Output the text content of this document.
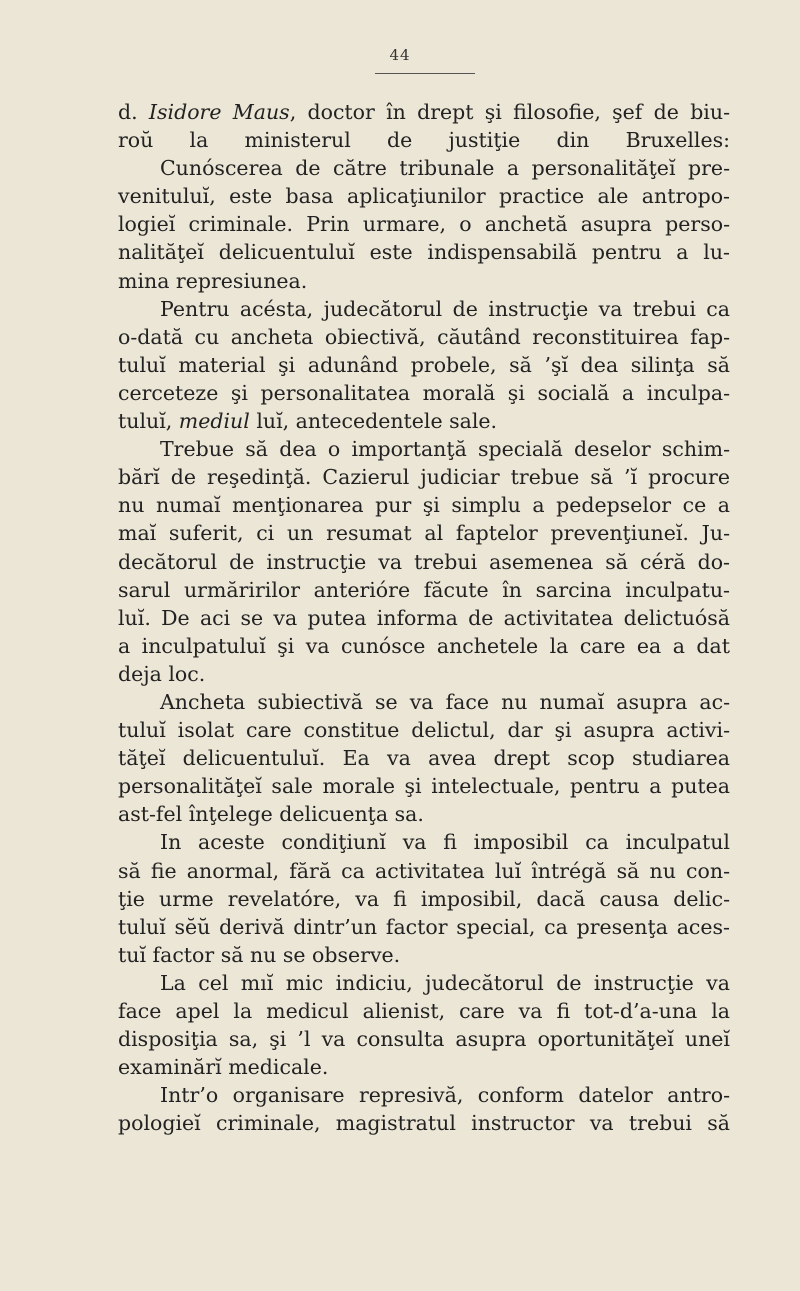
44
d. Isidore Maus, doctor în drept şi filosofie, şef de biu-
roŭ la ministerul de justiţie din Bruxelles:
Cunóscerea de către tribunale a personalităţeĭ pre-
venituluĭ, este basa aplicaţiunilor practice ale antropo-
logieĭ criminale. Prin urmare, o anchetă asupra perso-
nalităţeĭ delicuentuluĭ este indispensabilă pentru a lu-
mina represiunea.
Pentru acésta, judecătorul de instrucţie va trebui ca
o-dată cu ancheta obiectivă, căutând reconstituirea fap-
tuluĭ material şi adunând probele, să ’şĭ dea silinţa să
cerceteze şi personalitatea morală şi socială a inculpa-
tuluĭ, mediul luĭ, antecedentele sale.
Trebue să dea o importanţă specială deselor schim-
bărĭ de reşedinţă. Cazierul judiciar trebue să ’ĭ procure
nu numaĭ menţionarea pur şi simplu a pedepselor ce a
maĭ suferit, ci un resumat al faptelor prevenţiuneĭ. Ju-
decătorul de instrucţie va trebui asemenea să céră do-
sarul urmăririlor anterióre făcute în sarcina inculpatu-
luĭ. De aci se va putea informa de activitatea delictuósă
a inculpatuluĭ şi va cunósce anchetele la care ea a dat
deja loc.
Ancheta subiectivă se va face nu numaĭ asupra ac-
tuluĭ isolat care constitue delictul, dar şi asupra activi-
tăţeĭ delicuentuluĭ. Ea va avea drept scop studiarea
personalităţeĭ sale morale şi intelectuale, pentru a putea
ast-fel înţelege delicuenţa sa.
In aceste condiţiunĭ va fi imposibil ca inculpatul
să fie anormal, fără ca activitatea luĭ întrégă să nu con-
ţie urme revelatóre, va fi imposibil, dacă causa delic-
tuluĭ sĕŭ derivă dintr’un factor special, ca presenţa aces-
tuĭ factor să nu se observe.
La cel mıĭ mic indiciu, judecătorul de instrucţie va
face apel la medicul alienist, care va fi tot-d’a-una la
disposiţia sa, şi ’l va consulta asupra oportunităţeĭ uneĭ
examinărĭ medicale.
Intr’o organisare represivă, conform datelor antro-
pologieĭ criminale, magistratul instructor va trebui să
